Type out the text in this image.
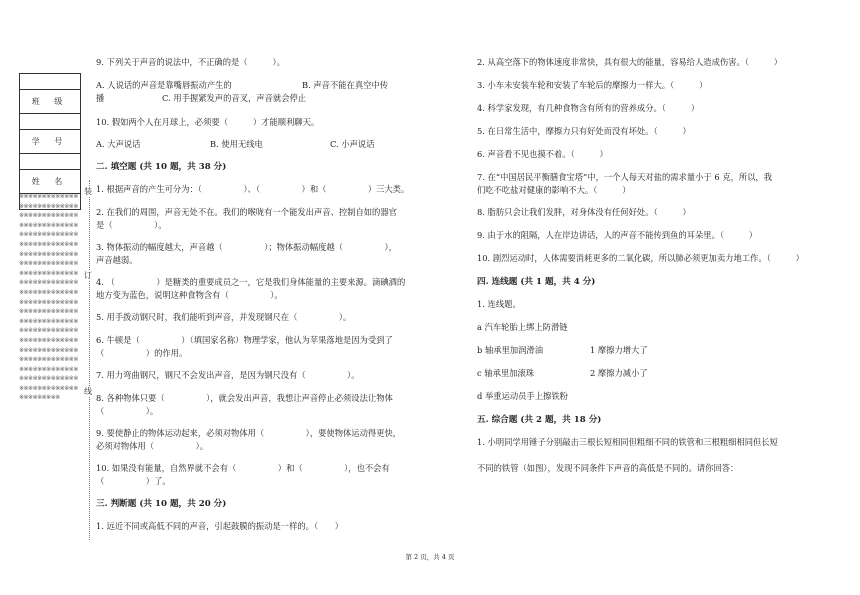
班 级
学 号
姓 名
※※※※※※※※※※※※※※※※※※※※※※※※※※※※※※※※※※※※※※※※※※※※※※※※※※※※※※※※※※※※※※※※※※※※※※※※※※※※※※※※※※※※※※※※※※※※※※※※※※※※※※※※※※※※※※※※※※※※※※※※※※※※※※※※※※※※※※※※※※※※※※※※※※※※※※※※※※※※※※※※※※※※※※※※※※※※※※※※※※※※※※※※※※※※※※※※※※※※※※※※※※※※※※※※※※※※※※※※※※※※※※※※※※※※※※※※※※※※※※※※※※※※※※※※※※※※※※※※※※※※※※※※※※※※※※※※※※※※※※※※※※
装
订
线
9. 下列关于声音的说法中，不正确的是（　　　）。
A. 人说话的声音是靠嘴唇振动产生的	B. 声音不能在真空中传
播	C. 用手握紧发声的音叉，声音就会停止
10. 假如两个人在月球上，必须要（　　　）才能顺利聊天。
A. 大声说话	B. 使用无线电	C. 小声说话
二. 填空题 (共 10 题，共 38 分)
1. 根据声音的产生可分为：（　　　　　）、（　　　　　）和（　　　　　）三大类。
2. 在我们的周围，声音无处不在。我们的喉咙有一个能发出声音、控制自如的器官
是（　　　　　）。
3. 物体振动的幅度越大，声音越（　　　　　）；物体振动幅度越（　　　　　），
声音越弱。
4. （　　　　　）是糖类的重要成员之一，它是我们身体能量的主要来源。滴碘酒的
地方变为蓝色，说明这种食物含有（　　　　　）。
5. 用手拨动钢尺时，我们能听到声音，并发现钢尺在（　　　　　）。
6. 牛顿是（　　　　　）（填国家名称）物理学家，他认为苹果落地是因为受到了
（　　　　　）的作用。
7. 用力弯曲钢尺，钢尺不会发出声音，是因为钢尺没有（　　　　　）。
8. 各种物体只要（　　　　　），就会发出声音，我想让声音停止必须设法让物体
（　　　　　）。
9. 要使静止的物体运动起来，必须对物体用（　　　　　），要使物体运动得更快，
必须对物体用（　　　　　）。
10. 如果没有能量，自然界就不会有（　　　　　）和（　　　　　），也不会有
（　　　　　）了。
三. 判断题 (共 10 题，共 20 分)
1. 远近不同或高低不同的声音，引起鼓膜的振动是一样的。（　　）
2. 从高空落下的物体速度非常快，具有很大的能量，容易给人造成伤害。（　　　）
3. 小车未安装车轮和安装了车轮后的摩擦力一样大。（　　　）
4. 科学家发现，有几种食物含有所有的营养成分。（　　　）
5. 在日常生活中，摩擦力只有好处而没有坏处。（　　　）
6. 声音看不见也摸不着。（　　　）
7. 在“中国居民平衡膳食宝塔”中，一个人每天对盐的需求量小于 6 克，所以，我
们吃不吃盐对健康的影响不大。（　　　）
8. 脂肪只会让我们发胖，对身体没有任何好处。（　　　）
9. 由于水的阻隔，人在岸边讲话，人的声音不能传到鱼的耳朵里。（　　　）
10. 剧烈运动时，人体需要消耗更多的二氧化碳，所以肺必须更加卖力地工作。（　　　）
四. 连线题 (共 1 题，共 4 分)
1. 连线题。
a 汽车轮胎上绑上防滑链
b 轴承里加润滑油	1 摩擦力增大了
c 轴承里加滚珠	2 摩擦力减小了
d 举重运动员手上擦铁粉
五. 综合题 (共 2 题，共 18 分)
1. 小明同学用锤子分别敲击三根长短相同但粗细不同的铁管和三根粗细相同但长短
不同的铁管（如图），发现不同条件下声音的高低是不同的。请你回答：
第 2 页，共 4 页
